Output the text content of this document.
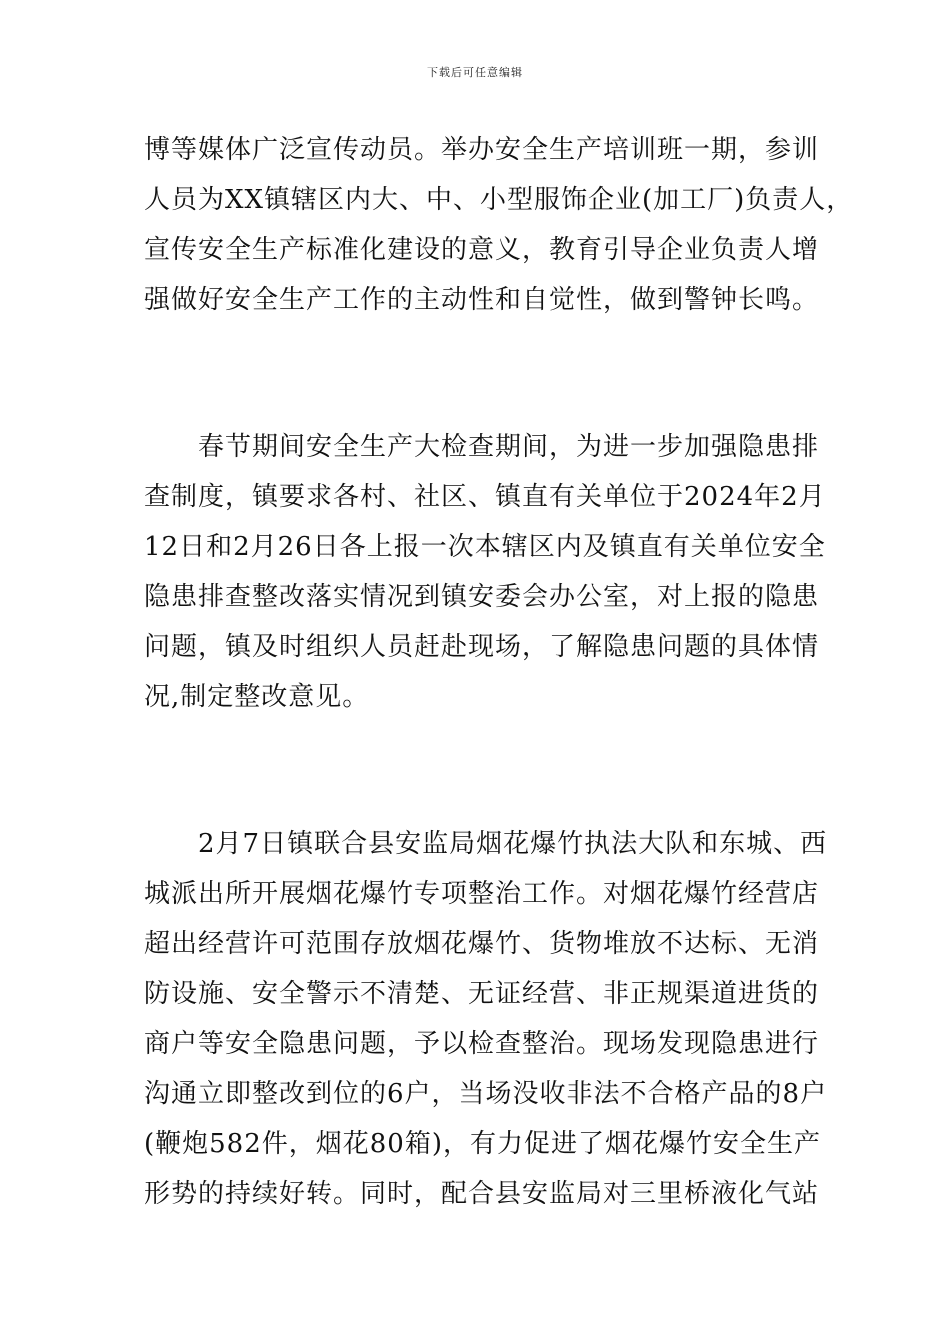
下载后可任意编辑
博等媒体广泛宣传动员。举办安全生产培训班一期，参训
人员为XX镇辖区内大、中、小型服饰企业(加工厂)负责人，
宣传安全生产标准化建设的意义，教育引导企业负责人增
强做好安全生产工作的主动性和自觉性，做到警钟长鸣。
春节期间安全生产大检查期间，为进一步加强隐患排
查制度，镇要求各村、社区、镇直有关单位于2024年2月
12日和2月26日各上报一次本辖区内及镇直有关单位安全
隐患排查整改落实情况到镇安委会办公室，对上报的隐患
问题，镇及时组织人员赶赴现场，了解隐患问题的具体情
况,制定整改意见。
2月7日镇联合县安监局烟花爆竹执法大队和东城、西
城派出所开展烟花爆竹专项整治工作。对烟花爆竹经营店
超出经营许可范围存放烟花爆竹、货物堆放不达标、无消
防设施、安全警示不清楚、无证经营、非正规渠道进货的
商户等安全隐患问题，予以检查整治。现场发现隐患进行
沟通立即整改到位的6户，当场没收非法不合格产品的8户
(鞭炮582件，烟花80箱)，有力促进了烟花爆竹安全生产
形势的持续好转。同时，配合县安监局对三里桥液化气站
